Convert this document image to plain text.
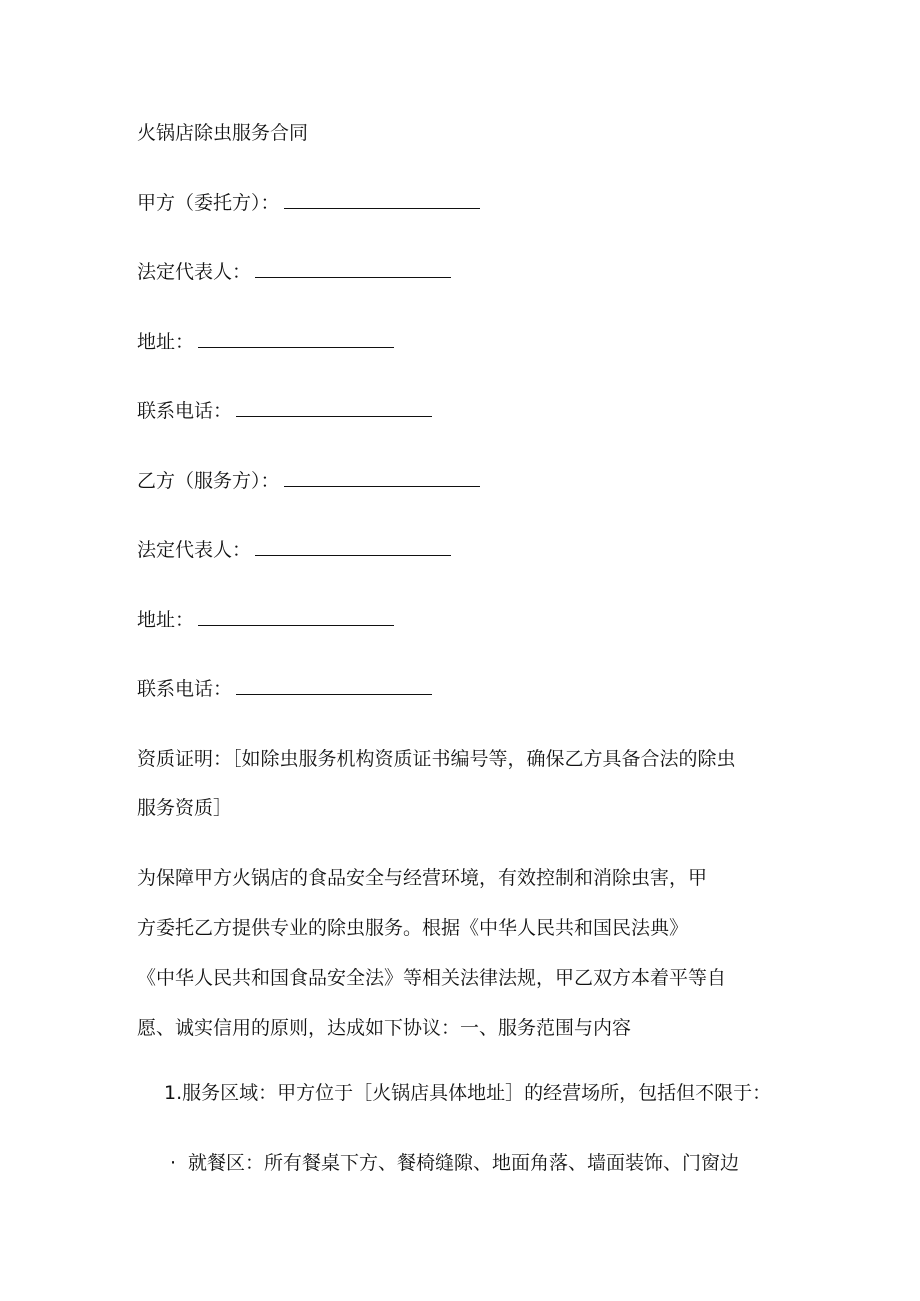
火锅店除虫服务合同
甲方（委托方）：
法定代表人：
地址：
联系电话：
乙方（服务方）：
法定代表人：
地址：
联系电话：
资质证明：［如除虫服务机构资质证书编号等，确保乙方具备合法的除虫
服务资质］
为保障甲方火锅店的食品安全与经营环境，有效控制和消除虫害，甲
方委托乙方提供专业的除虫服务。根据《中华人民共和国民法典》
《中华人民共和国食品安全法》等相关法律法规，甲乙双方本着平等自
愿、诚实信用的原则，达成如下协议：一、服务范围与内容
1.服务区域：甲方位于［火锅店具体地址］的经营场所，包括但不限于：
· 就餐区：所有餐桌下方、餐椅缝隙、地面角落、墙面装饰、门窗边
